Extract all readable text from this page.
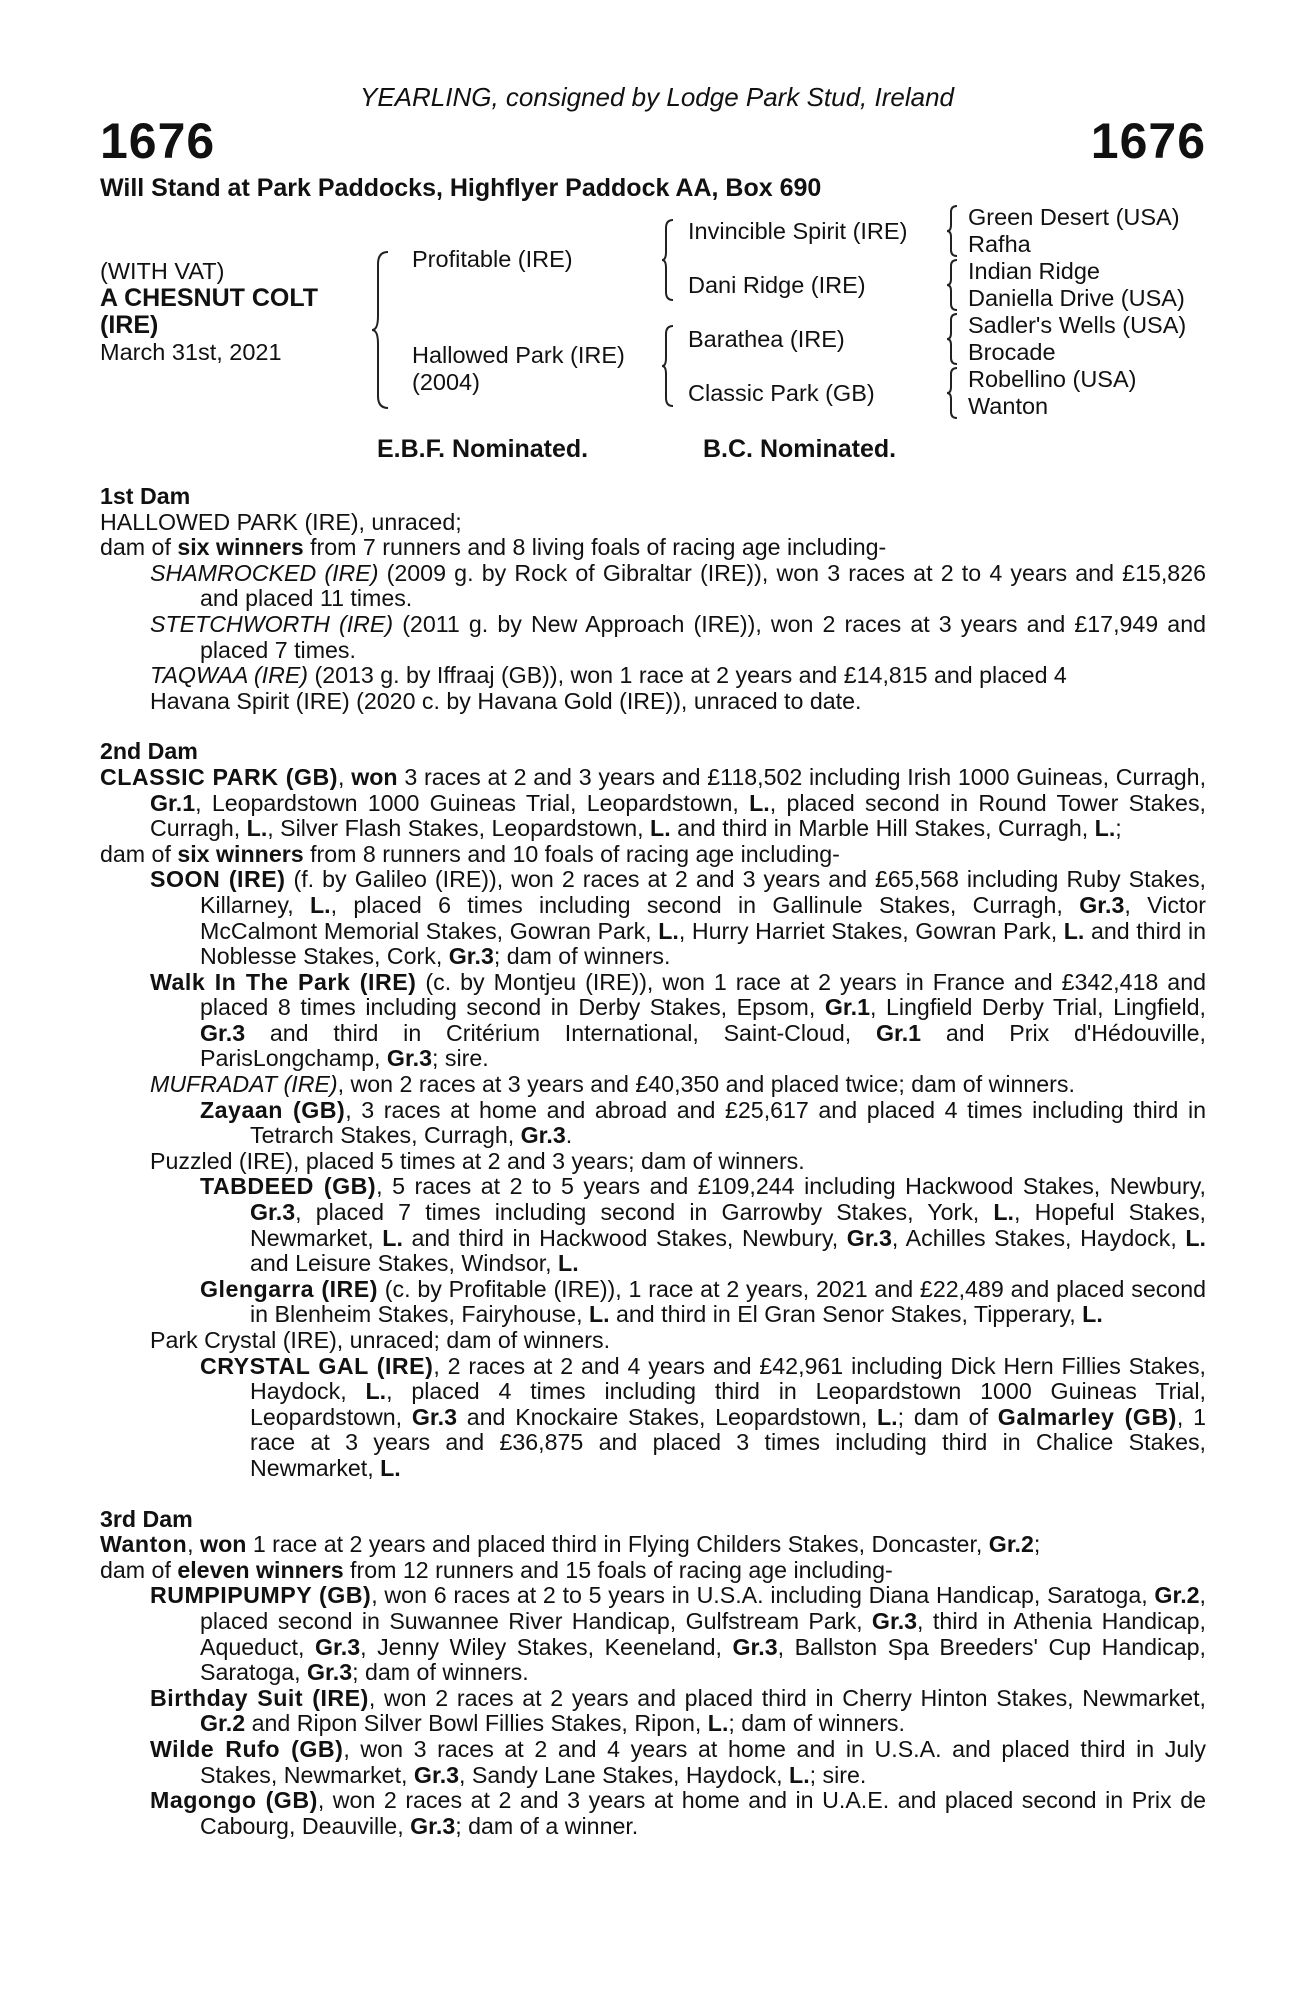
YEARLING, consigned by Lodge Park Stud, Ireland
1676	1676
Will Stand at Park Paddocks, Highflyer Paddock AA, Box 690
(WITH VAT)
A CHESNUT COLT
(IRE)
March 31st, 2021
Profitable (IRE)
Hallowed Park (IRE)
(2004)
Invincible Spirit (IRE)
Dani Ridge (IRE)
Barathea (IRE)
Classic Park (GB)
Green Desert (USA)
Rafha
Indian Ridge
Daniella Drive (USA)
Sadler's Wells (USA)
Brocade
Robellino (USA)
Wanton
E.B.F. Nominated.	B.C. Nominated.

1st Dam

HALLOWED PARK (IRE), unraced;

dam of six winners from 7 runners and 8 living foals of racing age including-

SHAMROCKED (IRE) (2009 g. by Rock of Gibraltar (IRE)), won 3 races at 2 to 4 years and £15,826 and placed 11 times.

STETCHWORTH (IRE) (2011 g. by New Approach (IRE)), won 2 races at 3 years and £17,949 and placed 7 times.

TAQWAA (IRE) (2013 g. by Iffraaj (GB)), won 1 race at 2 years and £14,815 and placed 4

Havana Spirit (IRE) (2020 c. by Havana Gold (IRE)), unraced to date.

2nd Dam

CLASSIC PARK (GB), won 3 races at 2 and 3 years and £118,502 including Irish 1000 Guineas, Curragh, Gr.1, Leopardstown 1000 Guineas Trial, Leopardstown, L., placed second in Round Tower Stakes, Curragh, L., Silver Flash Stakes, Leopardstown, L. and third in Marble Hill Stakes, Curragh, L.;

dam of six winners from 8 runners and 10 foals of racing age including-

SOON (IRE) (f. by Galileo (IRE)), won 2 races at 2 and 3 years and £65,568 including Ruby Stakes, Killarney, L., placed 6 times including second in Gallinule Stakes, Curragh, Gr.3, Victor McCalmont Memorial Stakes, Gowran Park, L., Hurry Harriet Stakes, Gowran Park, L. and third in Noblesse Stakes, Cork, Gr.3; dam of winners.

Walk In The Park (IRE) (c. by Montjeu (IRE)), won 1 race at 2 years in France and £342,418 and placed 8 times including second in Derby Stakes, Epsom, Gr.1, Lingfield Derby Trial, Lingfield, Gr.3 and third in Critérium International, Saint-Cloud, Gr.1 and Prix d'Hédouville, ParisLongchamp, Gr.3; sire.

MUFRADAT (IRE), won 2 races at 3 years and £40,350 and placed twice; dam of winners.

Zayaan (GB), 3 races at home and abroad and £25,617 and placed 4 times including third in Tetrarch Stakes, Curragh, Gr.3.

Puzzled (IRE), placed 5 times at 2 and 3 years; dam of winners.

TABDEED (GB), 5 races at 2 to 5 years and £109,244 including Hackwood Stakes, Newbury, Gr.3, placed 7 times including second in Garrowby Stakes, York, L., Hopeful Stakes, Newmarket, L. and third in Hackwood Stakes, Newbury, Gr.3, Achilles Stakes, Haydock, L. and Leisure Stakes, Windsor, L.

Glengarra (IRE) (c. by Profitable (IRE)), 1 race at 2 years, 2021 and £22,489 and placed second in Blenheim Stakes, Fairyhouse, L. and third in El Gran Senor Stakes, Tipperary, L.

Park Crystal (IRE), unraced; dam of winners.

CRYSTAL GAL (IRE), 2 races at 2 and 4 years and £42,961 including Dick Hern Fillies Stakes, Haydock, L., placed 4 times including third in Leopardstown 1000 Guineas Trial, Leopardstown, Gr.3 and Knockaire Stakes, Leopardstown, L.; dam of Galmarley (GB), 1 race at 3 years and £36,875 and placed 3 times including third in Chalice Stakes, Newmarket, L.

3rd Dam

Wanton, won 1 race at 2 years and placed third in Flying Childers Stakes, Doncaster, Gr.2;

dam of eleven winners from 12 runners and 15 foals of racing age including-

RUMPIPUMPY (GB), won 6 races at 2 to 5 years in U.S.A. including Diana Handicap, Saratoga, Gr.2, placed second in Suwannee River Handicap, Gulfstream Park, Gr.3, third in Athenia Handicap, Aqueduct, Gr.3, Jenny Wiley Stakes, Keeneland, Gr.3, Ballston Spa Breeders' Cup Handicap, Saratoga, Gr.3; dam of winners.

Birthday Suit (IRE), won 2 races at 2 years and placed third in Cherry Hinton Stakes, Newmarket, Gr.2 and Ripon Silver Bowl Fillies Stakes, Ripon, L.; dam of winners.

Wilde Rufo (GB), won 3 races at 2 and 4 years at home and in U.S.A. and placed third in July Stakes, Newmarket, Gr.3, Sandy Lane Stakes, Haydock, L.; sire.

Magongo (GB), won 2 races at 2 and 3 years at home and in U.A.E. and placed second in Prix de Cabourg, Deauville, Gr.3; dam of a winner.
